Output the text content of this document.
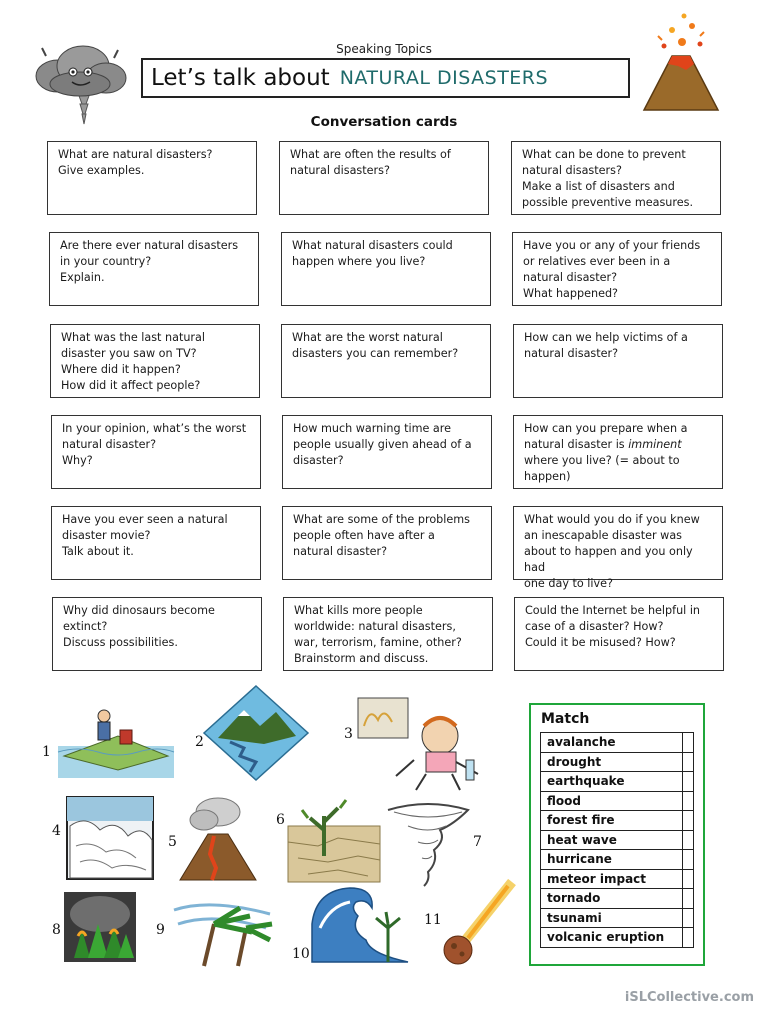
Speaking Topics
Let’s talk about NATURAL DISASTERS
Conversation cards

What are natural disasters?
Give examples.

What are often the results of
natural disasters?

What can be done to prevent
natural disasters?
Make a list of disasters and
possible preventive measures.

Are there ever natural disasters
in your country?
Explain.

What natural disasters could
happen where you live?

Have you or any of your friends
or relatives ever been in a
natural disaster?
What happened?

What was the last natural
disaster you saw on TV?
Where did it happen?
How did it affect people?

What are the worst natural
disasters you can remember?

How can we help victims of a
natural disaster?

In your opinion, what’s the worst
natural disaster?
Why?

How much warning time are
people usually given ahead of a
disaster?

How can you prepare when a
natural disaster is imminent
where you live? (= about to
happen)

Have you ever seen a natural
disaster movie?
Talk about it.

What are some of the problems
people often have after a
natural disaster?

What would you do if you knew
an inescapable disaster was
about to happen and you only had
one day to live?

Why did dinosaurs become
extinct?
Discuss possibilities.

What kills more people
worldwide: natural disasters,
war, terrorism, famine, other?
Brainstorm and discuss.

Could the Internet be helpful in
case of a disaster? How?
Could it be misused? How?

1
2	3
4
5
6
7
8	9
10
11
Match
avalanche	
drought	
earthquake	
flood	
forest fire	
heat wave	
hurricane	
meteor impact	
tornado	
tsunami	
volcanic eruption	
iSLCollective.com
